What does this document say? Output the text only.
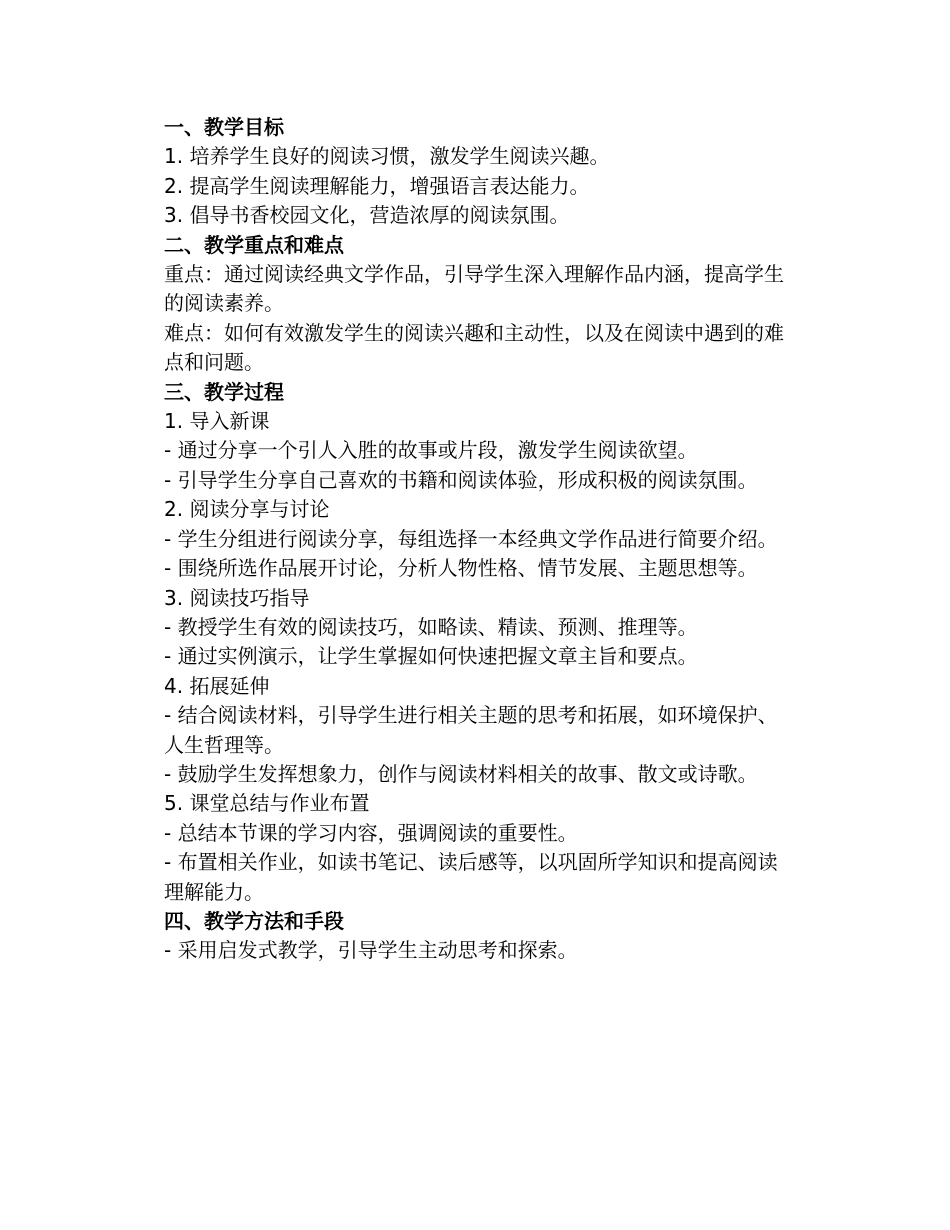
一、教学目标

1. 培养学生良好的阅读习惯，激发学生阅读兴趣。

2. 提高学生阅读理解能力，增强语言表达能力。

3. 倡导书香校园文化，营造浓厚的阅读氛围。

二、教学重点和难点

重点：通过阅读经典文学作品，引导学生深入理解作品内涵，提高学生的阅读素养。

难点：如何有效激发学生的阅读兴趣和主动性，以及在阅读中遇到的难点和问题。

三、教学过程

1. 导入新课

- 通过分享一个引人入胜的故事或片段，激发学生阅读欲望。

- 引导学生分享自己喜欢的书籍和阅读体验，形成积极的阅读氛围。

2. 阅读分享与讨论

- 学生分组进行阅读分享，每组选择一本经典文学作品进行简要介绍。

- 围绕所选作品展开讨论，分析人物性格、情节发展、主题思想等。

3. 阅读技巧指导

- 教授学生有效的阅读技巧，如略读、精读、预测、推理等。

- 通过实例演示，让学生掌握如何快速把握文章主旨和要点。

4. 拓展延伸

- 结合阅读材料，引导学生进行相关主题的思考和拓展，如环境保护、人生哲理等。

- 鼓励学生发挥想象力，创作与阅读材料相关的故事、散文或诗歌。

5. 课堂总结与作业布置

- 总结本节课的学习内容，强调阅读的重要性。

- 布置相关作业，如读书笔记、读后感等，以巩固所学知识和提高阅读理解能力。

四、教学方法和手段

- 采用启发式教学，引导学生主动思考和探索。
